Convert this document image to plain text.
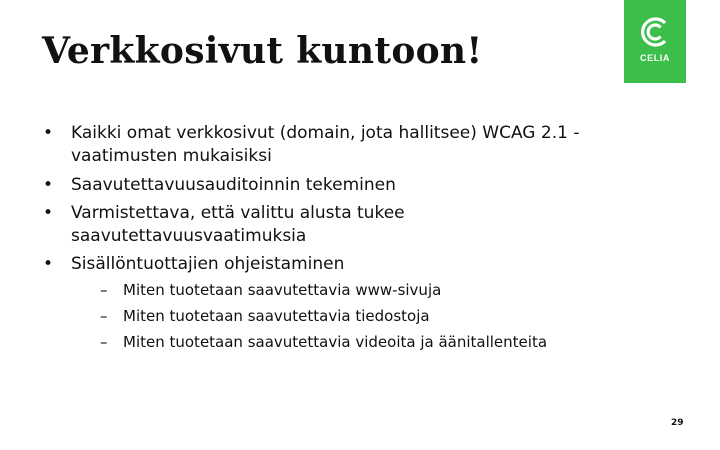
Verkkosivut kuntoon!	CELIA
• Kaikki omat verkkosivut (domain, jota hallitsee) WCAG 2.1 -vaatimusten mukaisiksi
• Saavutettavuusauditoinnin tekeminen
• Varmistettava, että valittu alusta tukee saavutettavuusvaatimuksia
• Sisällöntuottajien ohjeistaminen
– Miten tuotetaan saavutettavia www-sivuja
– Miten tuotetaan saavutettavia tiedostoja
– Miten tuotetaan saavutettavia videoita ja äänitallenteita
29
